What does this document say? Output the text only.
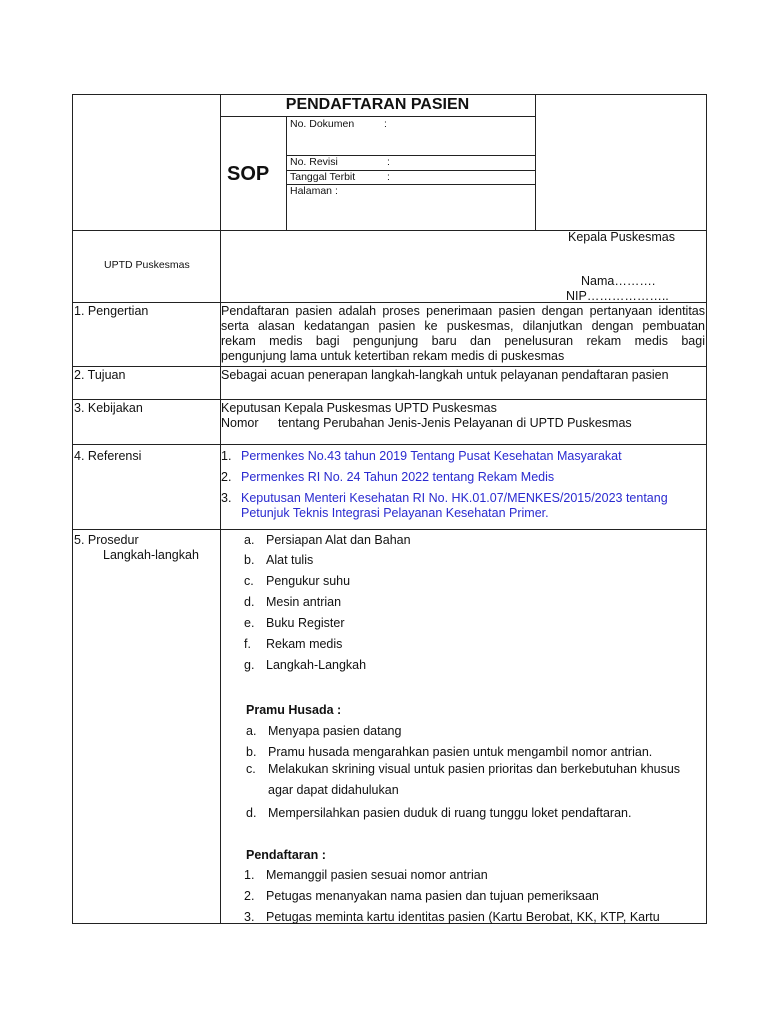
PENDAFTARAN PASIEN
SOP
No. Dokumen	:
No. Revisi	:
Tanggal Terbit	:
Halaman :
UPTD Puskesmas
Kepala Puskesmas
Nama……….
NIP………………..
1. Pengertian	Pendaftaran pasien adalah proses penerimaan pasien dengan pertanyaan identitas
serta alasan kedatangan pasien ke puskesmas, dilanjutkan dengan pembuatan
rekam medis bagi pengunjung baru dan penelusuran rekam medis bagi
pengunjung lama untuk ketertiban rekam medis di puskesmas
2. Tujuan	Sebagai acuan penerapan langkah-langkah untuk pelayanan pendaftaran pasien
3. Kebijakan	Keputusan Kepala Puskesmas UPTD Puskesmas
Nomor tentang Perubahan Jenis-Jenis Pelayanan di UPTD Puskesmas
4. Referensi	1. Permenkes No.43 tahun 2019 Tentang Pusat Kesehatan Masyarakat
2. Permenkes RI No. 24 Tahun 2022 tentang Rekam Medis
3. Keputusan Menteri Kesehatan RI No. HK.01.07/MENKES/2015/2023 tentang
Petunjuk Teknis Integrasi Pelayanan Kesehatan Primer.
5. Prosedur
Langkah-langkah
a. Persiapan Alat dan Bahan
b. Alat tulis
c. Pengukur suhu
d. Mesin antrian
e. Buku Register
f. Rekam medis
g. Langkah-Langkah
Pramu Husada :
a. Menyapa pasien datang
b. Pramu husada mengarahkan pasien untuk mengambil nomor antrian.
c. Melakukan skrining visual untuk pasien prioritas dan berkebutuhan khusus
agar dapat didahulukan
d. Mempersilahkan pasien duduk di ruang tunggu loket pendaftaran.
Pendaftaran :
1. Memanggil pasien sesuai nomor antrian
2. Petugas menanyakan nama pasien dan tujuan pemeriksaan
3. Petugas meminta kartu identitas pasien (Kartu Berobat, KK, KTP, Kartu
